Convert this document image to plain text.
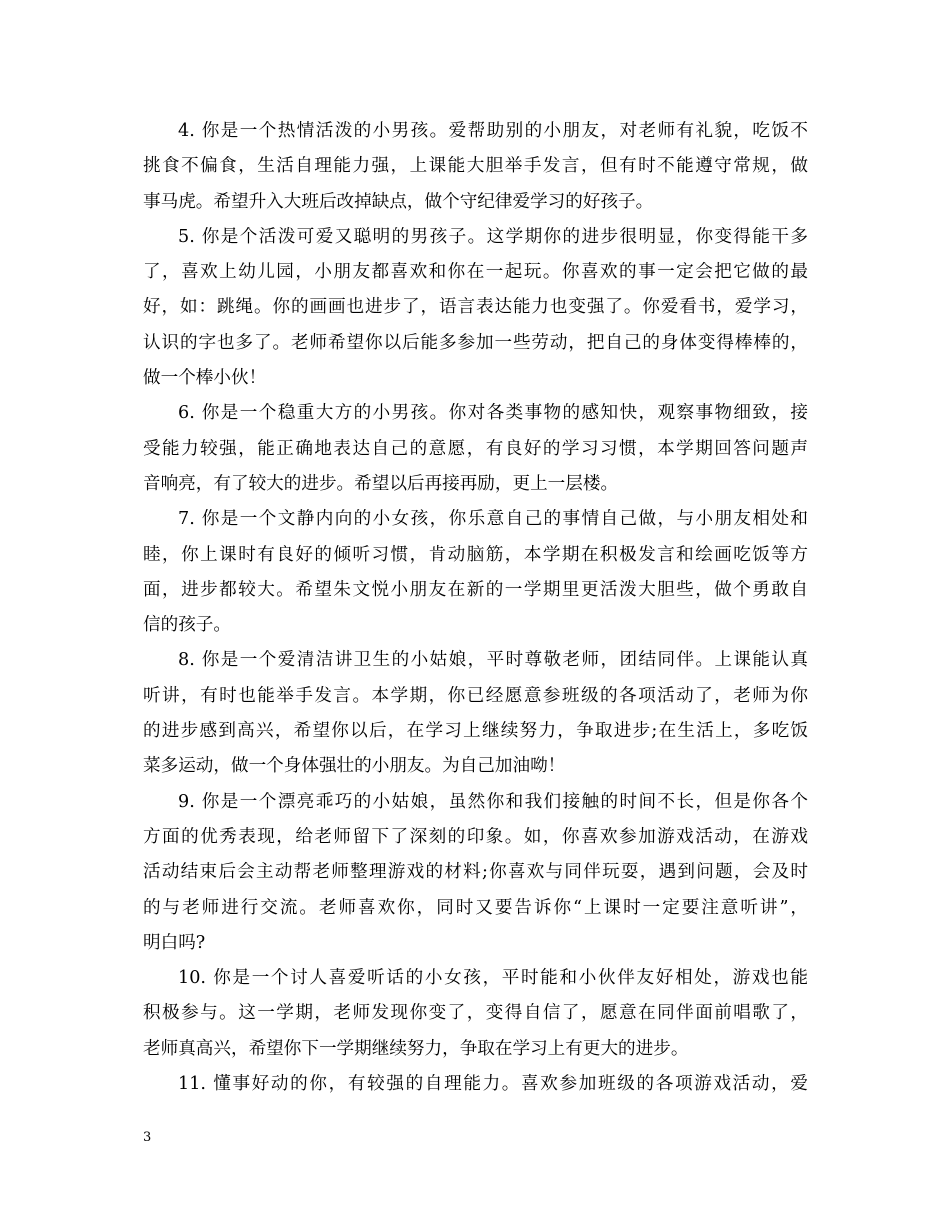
4. 你是一个热情活泼的小男孩。爱帮助别的小朋友，对老师有礼貌，吃饭不
挑食不偏食，生活自理能力强，上课能大胆举手发言，但有时不能遵守常规，做
事马虎。希望升入大班后改掉缺点，做个守纪律爱学习的好孩子。
5. 你是个活泼可爱又聪明的男孩子。这学期你的进步很明显，你变得能干多
了，喜欢上幼儿园，小朋友都喜欢和你在一起玩。你喜欢的事一定会把它做的最
好，如：跳绳。你的画画也进步了，语言表达能力也变强了。你爱看书，爱学习，
认识的字也多了。老师希望你以后能多参加一些劳动，把自己的身体变得棒棒的，
做一个棒小伙！
6. 你是一个稳重大方的小男孩。你对各类事物的感知快，观察事物细致，接
受能力较强，能正确地表达自己的意愿，有良好的学习习惯，本学期回答问题声
音响亮，有了较大的进步。希望以后再接再励，更上一层楼。
7. 你是一个文静内向的小女孩，你乐意自己的事情自己做，与小朋友相处和
睦，你上课时有良好的倾听习惯，肯动脑筋，本学期在积极发言和绘画吃饭等方
面，进步都较大。希望朱文悦小朋友在新的一学期里更活泼大胆些，做个勇敢自
信的孩子。
8. 你是一个爱清洁讲卫生的小姑娘，平时尊敬老师，团结同伴。上课能认真
听讲，有时也能举手发言。本学期，你已经愿意参班级的各项活动了，老师为你
的进步感到高兴，希望你以后，在学习上继续努力，争取进步;在生活上，多吃饭
菜多运动，做一个身体强壮的小朋友。为自己加油呦！
9. 你是一个漂亮乖巧的小姑娘，虽然你和我们接触的时间不长，但是你各个
方面的优秀表现，给老师留下了深刻的印象。如，你喜欢参加游戏活动，在游戏
活动结束后会主动帮老师整理游戏的材料;你喜欢与同伴玩耍，遇到问题，会及时
的与老师进行交流。老师喜欢你，同时又要告诉你“上课时一定要注意听讲”，
明白吗?
10. 你是一个讨人喜爱听话的小女孩，平时能和小伙伴友好相处，游戏也能
积极参与。这一学期，老师发现你变了，变得自信了，愿意在同伴面前唱歌了，
老师真高兴，希望你下一学期继续努力，争取在学习上有更大的进步。
11. 懂事好动的你，有较强的自理能力。喜欢参加班级的各项游戏活动，爱
3
